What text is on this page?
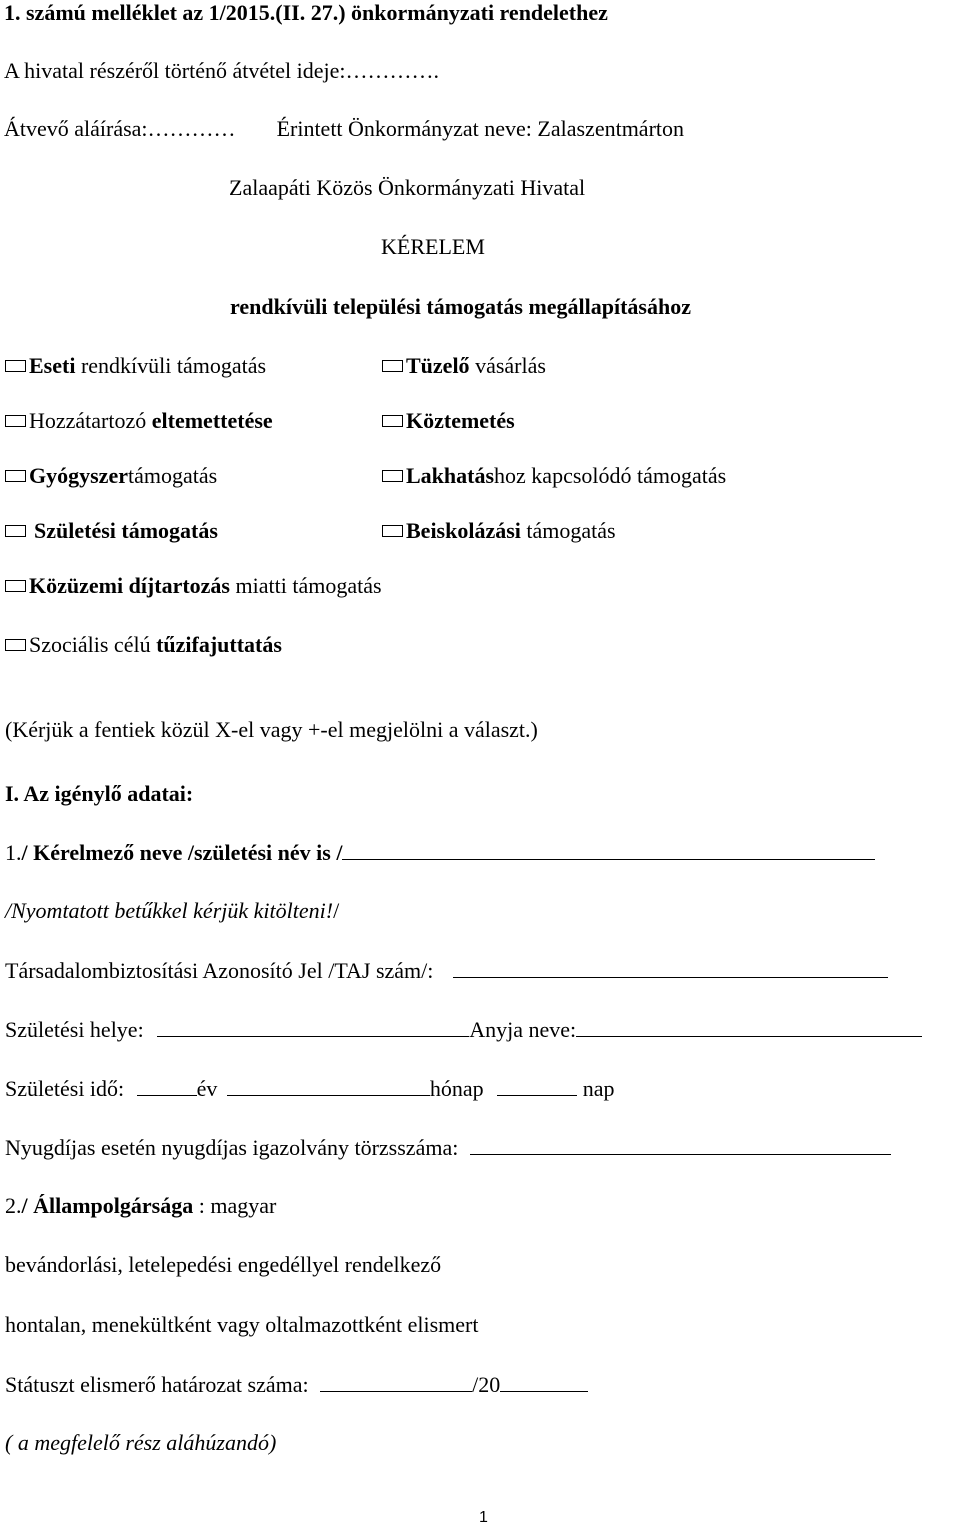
1. számú melléklet az 1/2015.(II. 27.) önkormányzati rendelethez
A hivatal részéről történő átvétel ideje:………….
Átvevő aláírása:………… Érintett Önkormányzat neve: Zalaszentmárton
Zalaapáti Közös Önkormányzati Hivatal
KÉRELEM
rendkívüli települési támogatás megállapításához
Eseti rendkívüli támogatás
Hozzátartozó eltemettetése
Gyógyszertámogatás
Születési támogatás
Tüzelő vásárlás
Köztemetés
Lakhatáshoz kapcsolódó támogatás
Beiskolázási támogatás
Közüzemi díjtartozás miatti támogatás
Szociális célú tűzifajuttatás
(Kérjük a fentiek közül X-el vagy +-el megjelölni a választ.)
I. Az igénylő adatai:
1./ Kérelmező neve /születési név is /
/Nyomtatott betűkkel kérjük kitölteni!/
Társadalombiztosítási Azonosító Jel /TAJ szám/:
Születési helye:	Anyja neve:
Születési idő:	év	hónap	nap
Nyugdíjas esetén nyugdíjas igazolvány törzsszáma:
2./ Állampolgársága : magyar
bevándorlási, letelepedési engedéllyel rendelkező
hontalan, menekültként vagy oltalmazottként elismert
Státuszt elismerő határozat száma:	/20
( a megfelelő rész aláhúzandó)
1
